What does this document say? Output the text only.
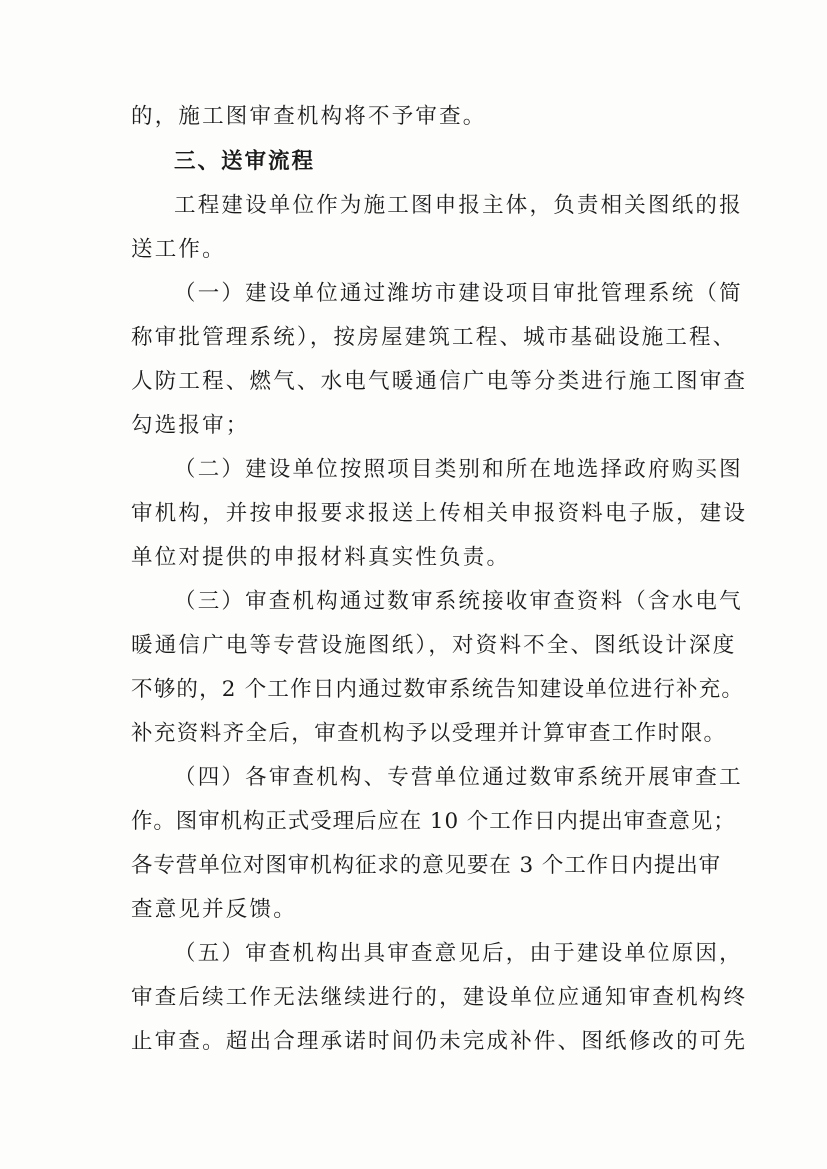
的，施工图审查机构将不予审查。
三、送审流程
工程建设单位作为施工图申报主体，负责相关图纸的报
送工作。
（一）建设单位通过潍坊市建设项目审批管理系统（简
称审批管理系统），按房屋建筑工程、城市基础设施工程、
人防工程、燃气、水电气暖通信广电等分类进行施工图审查
勾选报审；
（二）建设单位按照项目类别和所在地选择政府购买图
审机构，并按申报要求报送上传相关申报资料电子版，建设
单位对提供的申报材料真实性负责。
（三）审查机构通过数审系统接收审查资料（含水电气
暖通信广电等专营设施图纸），对资料不全、图纸设计深度
不够的，2 个工作日内通过数审系统告知建设单位进行补充。
补充资料齐全后，审查机构予以受理并计算审查工作时限。
（四）各审查机构、专营单位通过数审系统开展审查工
作。图审机构正式受理后应在 10 个工作日内提出审查意见；
各专营单位对图审机构征求的意见要在 3 个工作日内提出审
查意见并反馈。
（五）审查机构出具审查意见后，由于建设单位原因，
审查后续工作无法继续进行的，建设单位应通知审查机构终
止审查。超出合理承诺时间仍未完成补件、图纸修改的可先
